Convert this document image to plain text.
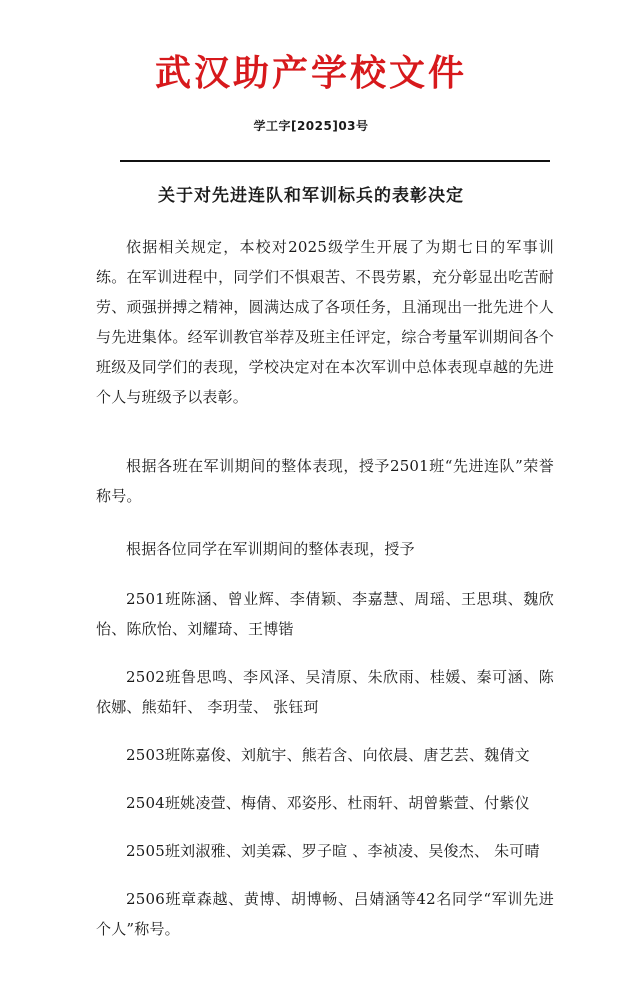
武汉助产学校文件
学工字[2025]03号
关于对先进连队和军训标兵的表彰决定
依据相关规定，本校对2025级学生开展了为期七日的军事训练。在军训进程中，同学们不惧艰苦、不畏劳累，充分彰显出吃苦耐劳、顽强拼搏之精神，圆满达成了各项任务，且涌现出一批先进个人与先进集体。经军训教官举荐及班主任评定，综合考量军训期间各个班级及同学们的表现，学校决定对在本次军训中总体表现卓越的先进个人与班级予以表彰。
根据各班在军训期间的整体表现，授予2501班“先进连队”荣誉称号。
根据各位同学在军训期间的整体表现，授予
2501班陈涵、曾业辉、李倩颖、李嘉慧、周瑶、王思琪、魏欣怡、陈欣怡、刘耀琦、王博锴
2502班鲁思鸣、李风泽、吴清原、朱欣雨、桂媛、秦可涵、陈依娜、熊茹轩、 李玥莹、 张钰珂
2503班陈嘉俊、刘航宇、熊若含、向依晨、唐艺芸、魏倩文
2504班姚凌萱、梅倩、邓姿彤、杜雨轩、胡曾紫萱、付紫仪
2505班刘淑雅、刘美霖、罗子暄 、李祯凌、吴俊杰、 朱可晴
2506班章森越、黄博、胡博畅、吕婧涵等42名同学“军训先进个人”称号。
